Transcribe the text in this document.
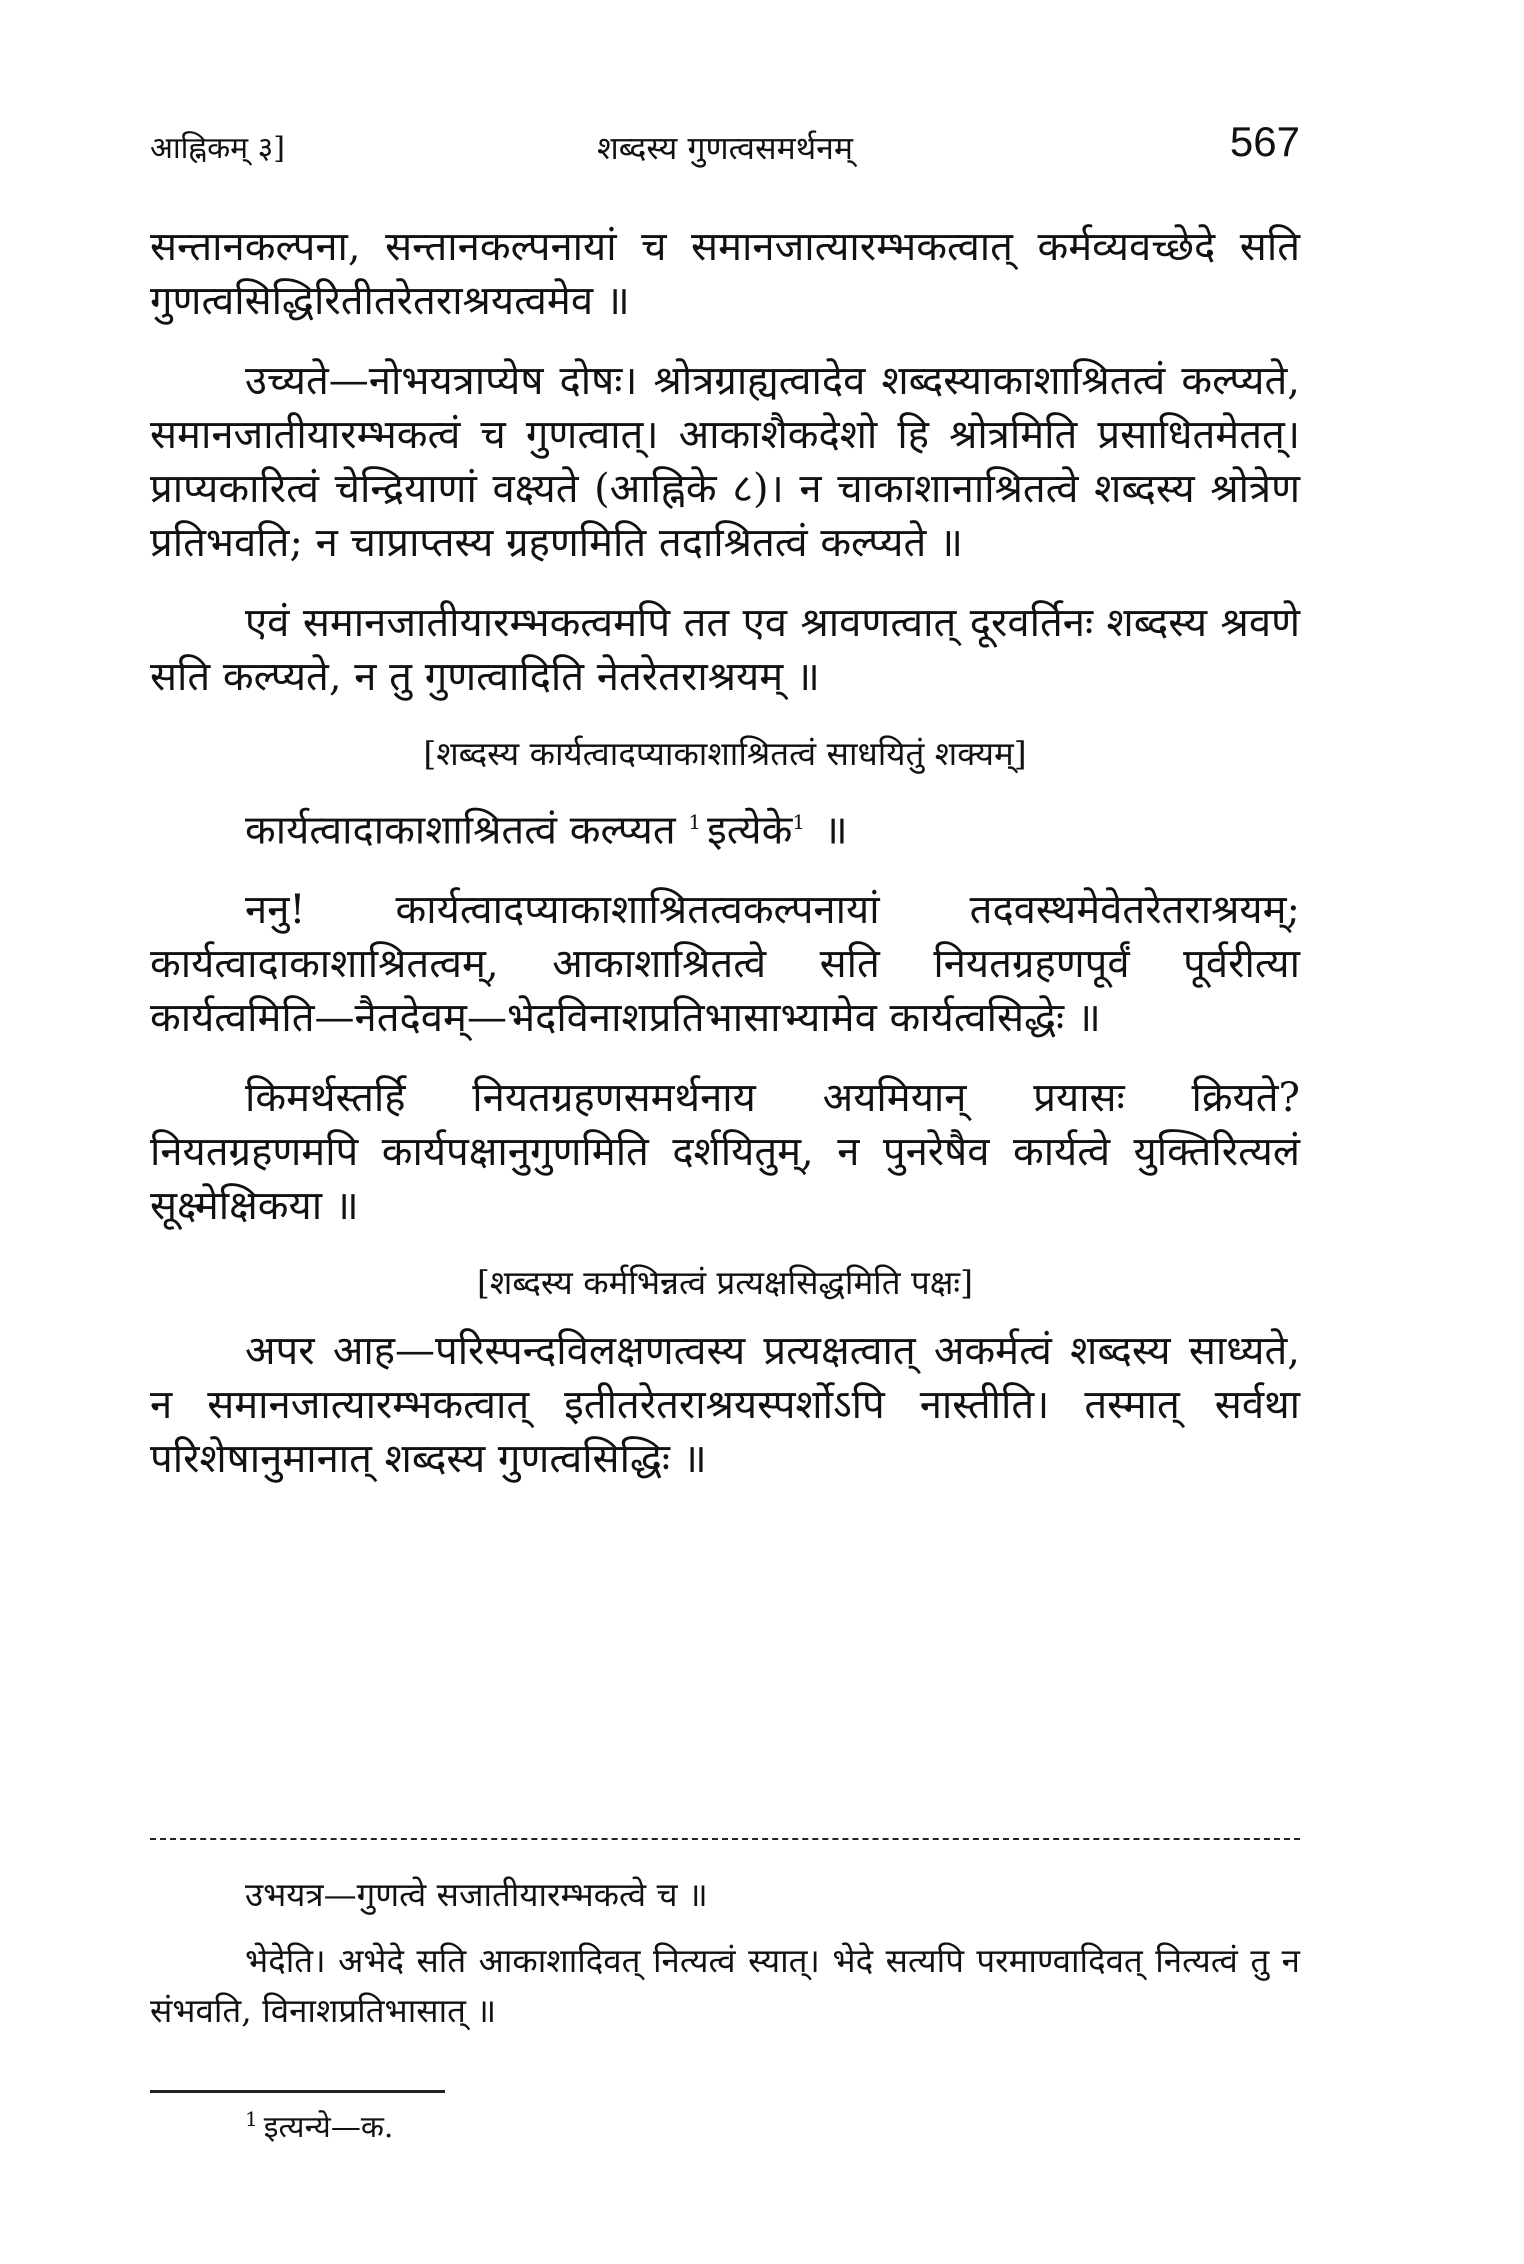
आह्निकम् ३]	शब्दस्य गुणत्वसमर्थनम्	567

सन्तानकल्पना, सन्तानकल्पनायां च समानजात्यारम्भकत्वात् कर्मव्यवच्छेदे सति गुणत्वसिद्धिरितीतरेतराश्रयत्वमेव ॥

उच्यते—नोभयत्राप्येष दोषः। श्रोत्रग्राह्यत्वादेव शब्दस्याकाशाश्रितत्वं कल्प्यते, समानजातीयारम्भकत्वं च गुणत्वात्। आकाशैकदेशो हि श्रोत्रमिति प्रसाधितमेतत्। प्राप्यकारित्वं चेन्द्रियाणां वक्ष्यते (आह्निके ८)। न चाकाशानाश्रितत्वे शब्दस्य श्रोत्रेण प्रतिभवति; न चाप्राप्तस्य ग्रहणमिति तदाश्रितत्वं कल्प्यते ॥

एवं समानजातीयारम्भकत्वमपि तत एव श्रावणत्वात् दूरवर्तिनः शब्दस्य श्रवणे सति कल्प्यते, न तु गुणत्वादिति नेतरेतराश्रयम् ॥

[शब्दस्य कार्यत्वादप्याकाशाश्रितत्वं साधयितुं शक्यम्]

कार्यत्वादाकाशाश्रितत्वं कल्प्यत $^1$ इत्येके$^1$ ॥

ननु! कार्यत्वादप्याकाशाश्रितत्वकल्पनायां तदवस्थमेवेतरेतराश्रयम्; कार्यत्वादाकाशाश्रितत्वम्, आकाशाश्रितत्वे सति नियतग्रहणपूर्वं पूर्वरीत्या कार्यत्वमिति—नैतदेवम्—भेदविनाशप्रतिभासाभ्यामेव कार्यत्वसिद्धेः ॥

किमर्थस्तर्हि नियतग्रहणसमर्थनाय अयमियान् प्रयासः क्रियते? नियतग्रहणमपि कार्यपक्षानुगुणमिति दर्शयितुम्, न पुनरेषैव कार्यत्वे युक्तिरित्यलं सूक्ष्मेक्षिकया ॥

[शब्दस्य कर्मभिन्नत्वं प्रत्यक्षसिद्धमिति पक्षः]

अपर आह—परिस्पन्दविलक्षणत्वस्य प्रत्यक्षत्वात् अकर्मत्वं शब्दस्य साध्यते, न समानजात्यारम्भकत्वात् इतीतरेतराश्रयस्पर्शोऽपि नास्तीति। तस्मात् सर्वथा परिशेषानुमानात् शब्दस्य गुणत्वसिद्धिः ॥

उभयत्र—गुणत्वे सजातीयारम्भकत्वे च ॥

भेदेति। अभेदे सति आकाशादिवत् नित्यत्वं स्यात्। भेदे सत्यपि परमाण्वादिवत् नित्यत्वं तु न संभवति, विनाशप्रतिभासात् ॥

$^1$ इत्यन्ये—क.
